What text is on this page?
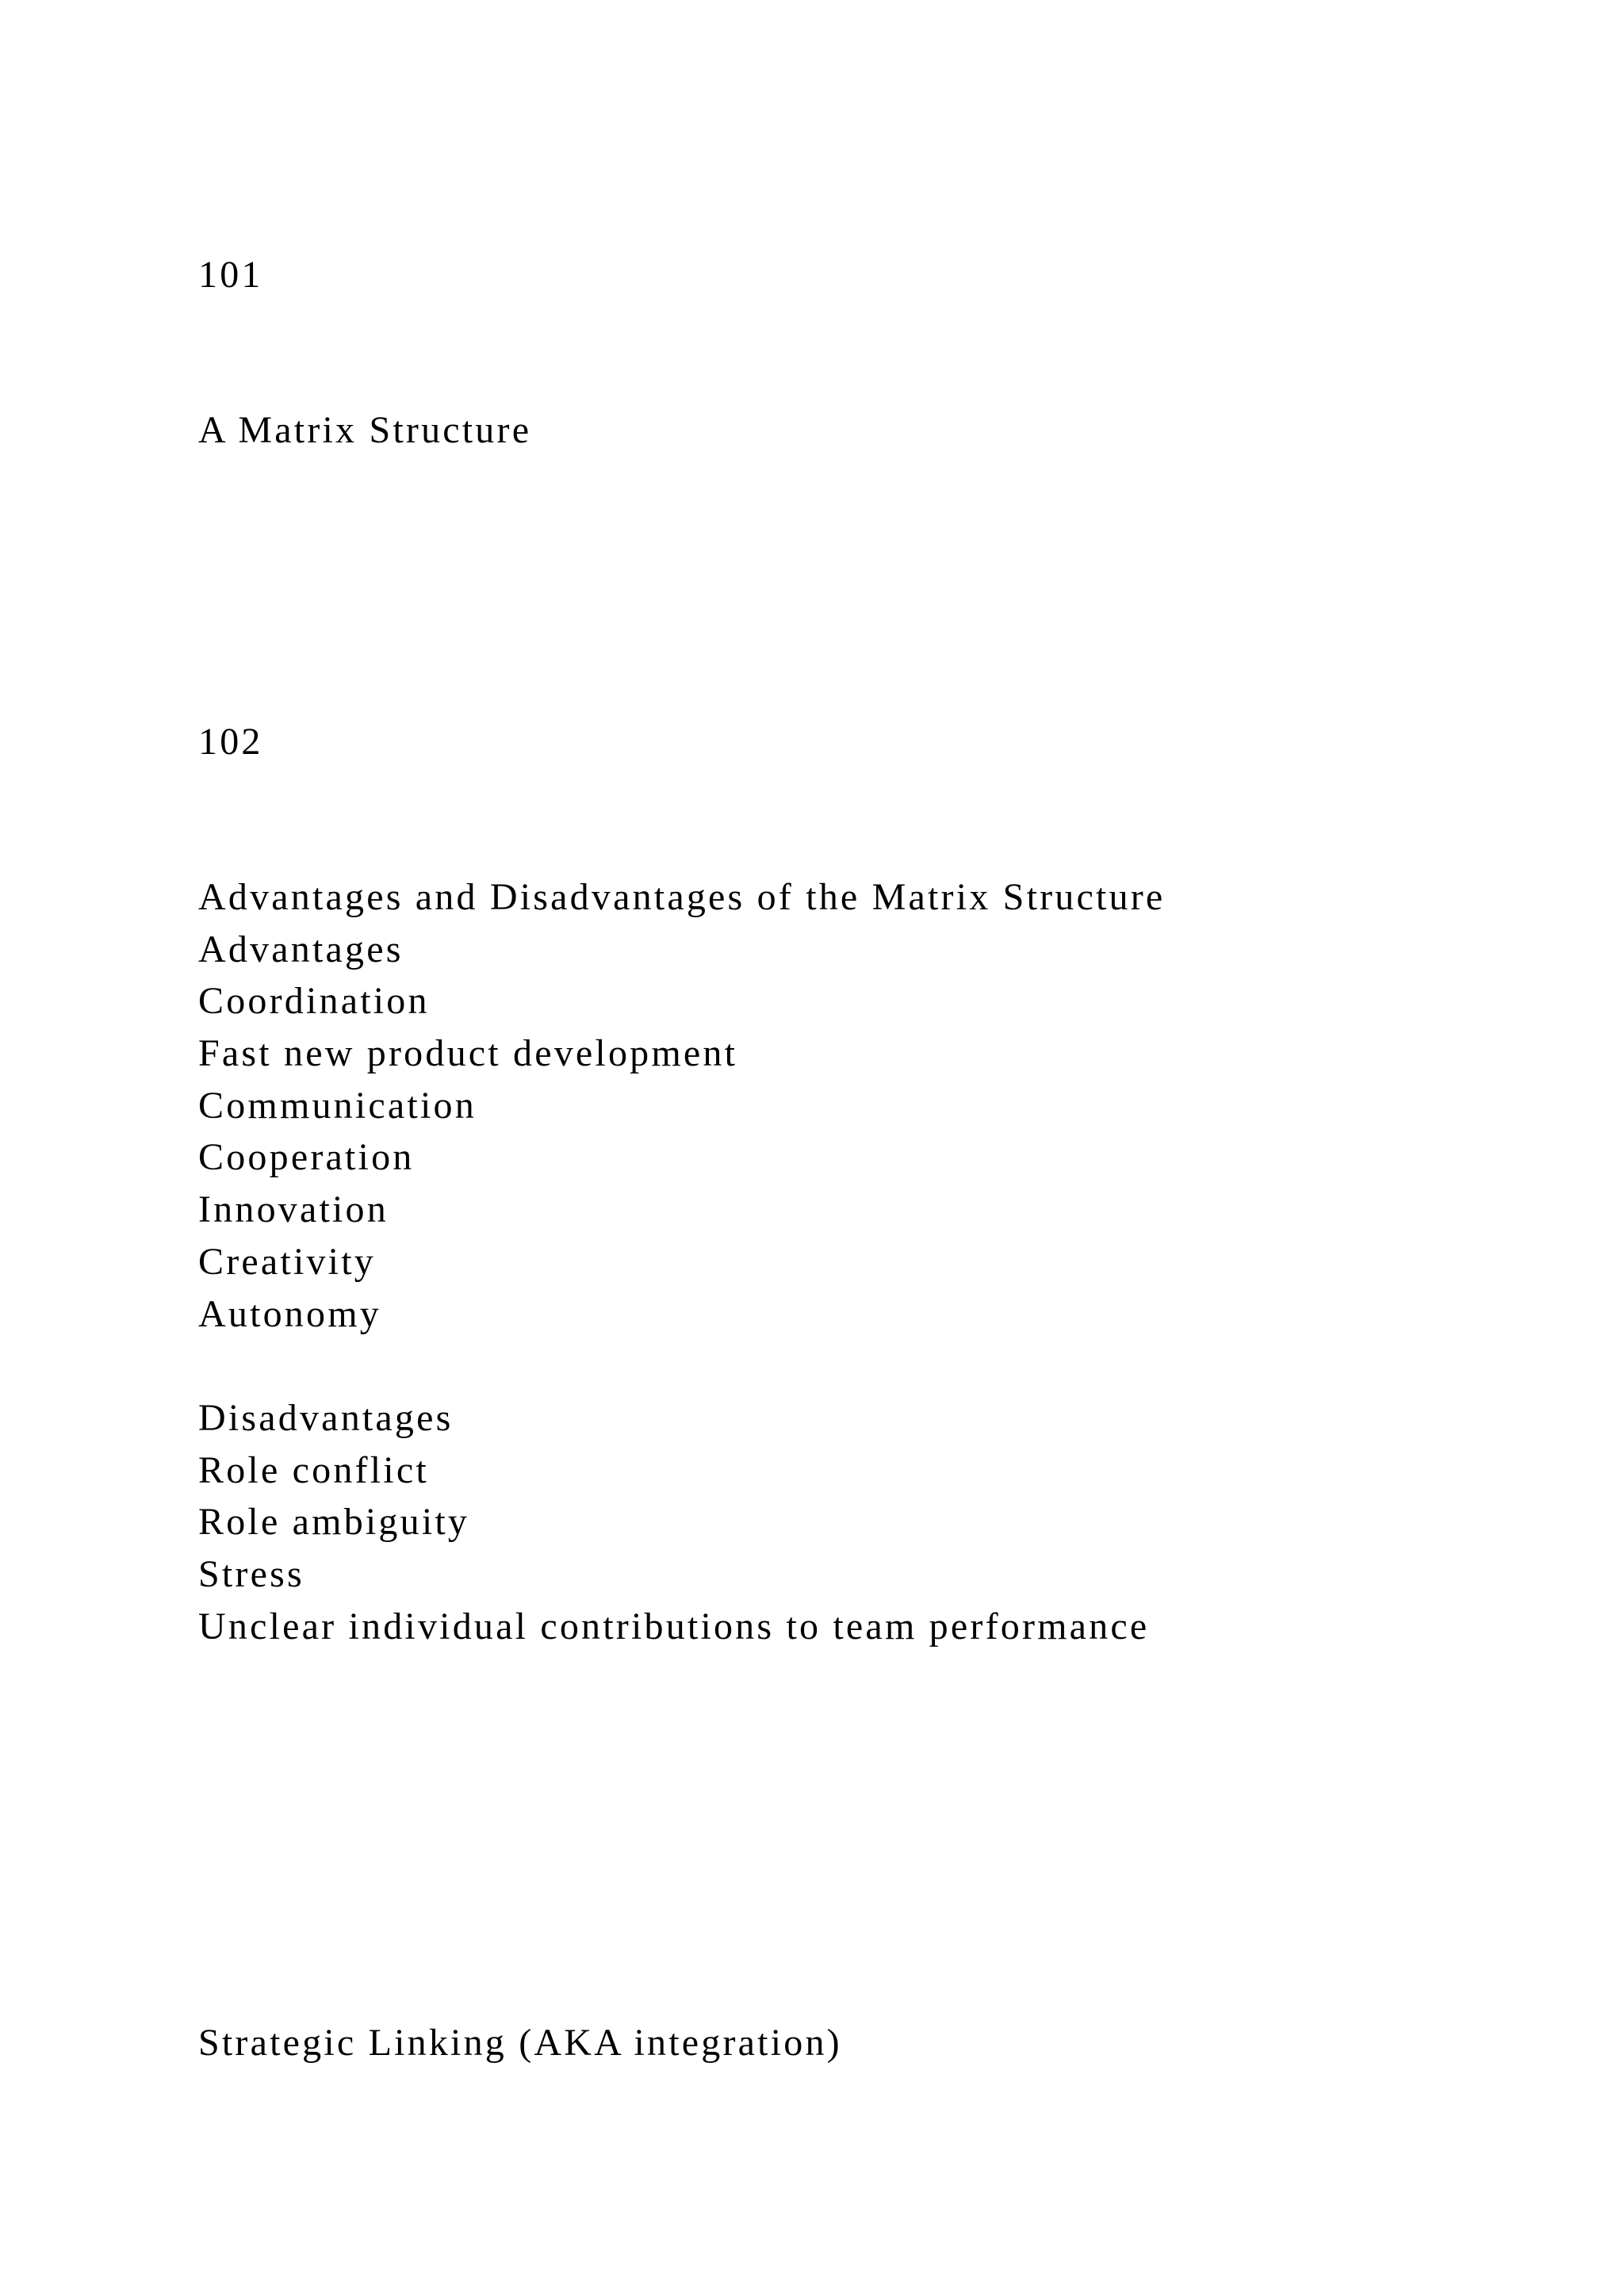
101
A Matrix Structure
102
Advantages and Disadvantages of the Matrix Structure
Advantages
Coordination
Fast new product development
Communication
Cooperation
Innovation
Creativity
Autonomy
Disadvantages
Role conflict
Role ambiguity
Stress
Unclear individual contributions to team performance
Strategic Linking (AKA integration)
